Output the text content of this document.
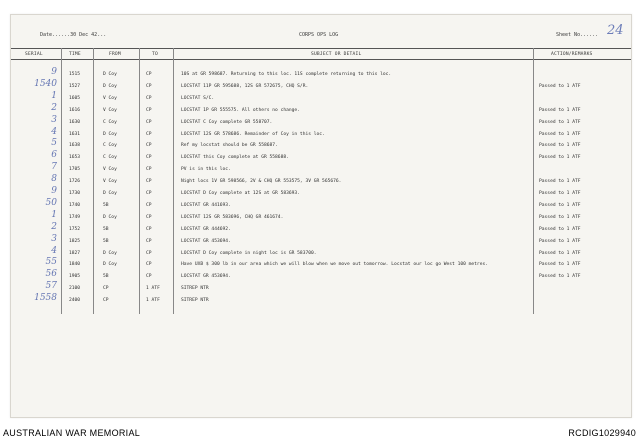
Date......30 Dec 42...	CORPS OPS LOG	Sheet No...... 24
SERIAL	TIME	FROM	TO	SUBJECT OR DETAIL	ACTION/REMARKS
9	1515	D Coy	CP	10S at GR 598687. Returning to this loc. 11S complete returning to this loc.
1540	1527	D Coy	CP	LOCSTAT 11P GR 595688, 12S GR 572675, CHQ S/R.	Passed to 1 ATF
1	1605	V Coy	CP	LOCSTAT S/C.
2	1616	V Coy	CP	LOCSTAT 1P GR 555575. All others no change.	Passed to 1 ATF
3	1630	C Coy	CP	LOCSTAT C Coy complete GR 558707.	Passed to 1 ATF
4	1631	D Coy	CP	LOCSTAT 12S GR 578686. Remainder of Coy in this loc.	Passed to 1 ATF
5	1638	C Coy	CP	Ref my locstat should be GR 558687.	Passed to 1 ATF
6	1653	C Coy	CP	LOCSTAT this Coy complete at GR 558688.	Passed to 1 ATF
7	1705	V Coy	CP	PV is in this loc.
8	1726	V Coy	CP	Night locs 1V GR 598566, 2V & CHQ GR 553575, 3V GR 565676.	Passed to 1 ATF
9	1730	D Coy	CP	LOCSTAT D Coy complete at 12S at GR 583693.	Passed to 1 ATF
50	1740	5B	CP	LOCSTAT GR 441693.	Passed to 1 ATF
1	1749	D Coy	CP	LOCSTAT 12S GR 583696, CHQ GR 461674.	Passed to 1 ATF
2	1752	5B	CP	LOCSTAT GR 444692.	Passed to 1 ATF
3	1825	5B	CP	LOCSTAT GR 453694.	Passed to 1 ATF
4	1827	D Coy	CP	LOCSTAT D Coy complete in night loc is GR 583700.	Passed to 1 ATF
55	1840	D Coy	CP	Have UXB $ 300 lb in our area which we will blow when we move out tomorrow. Locstat our loc go West 100 metres.	Passed to 1 ATF
56	1905	5B	CP	LOCSTAT GR 453694.	Passed to 1 ATF
57	2100	CP	1 ATF	SITREP NTR
1558	2400	CP	1 ATF	SITREP NTR
AUSTRALIAN WAR MEMORIAL	RCDIG1029940
